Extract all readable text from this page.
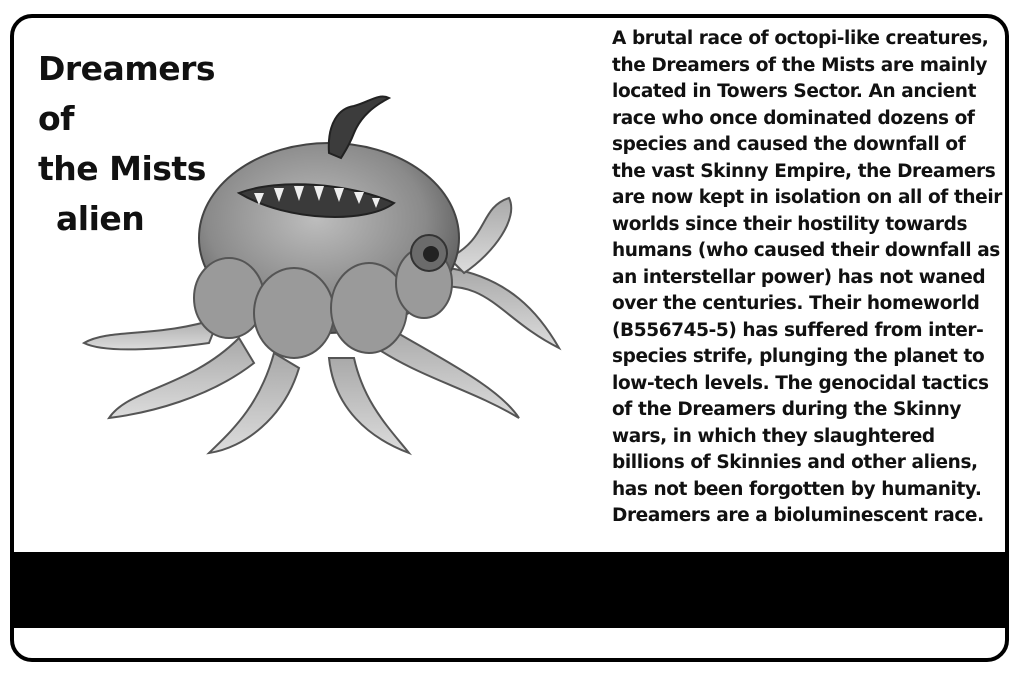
Dreamers of
the Mists
alien
A brutal race of octopi-like creatures, the Dreamers of the Mists are mainly located in Towers Sector. An ancient race who once dominated dozens of species and caused the downfall of the vast Skinny Empire, the Dreamers are now kept in isolation on all of their worlds since their hostility towards humans (who caused their downfall as an interstellar power) has not waned over the centuries. Their homeworld (B556745-5) has suffered from inter-species strife, plunging the planet to low-tech levels. The genocidal tactics of the Dreamers during the Skinny wars, in which they slaughtered billions of Skinnies and other aliens, has not been forgotten by humanity. Dreamers are a bioluminescent race.
